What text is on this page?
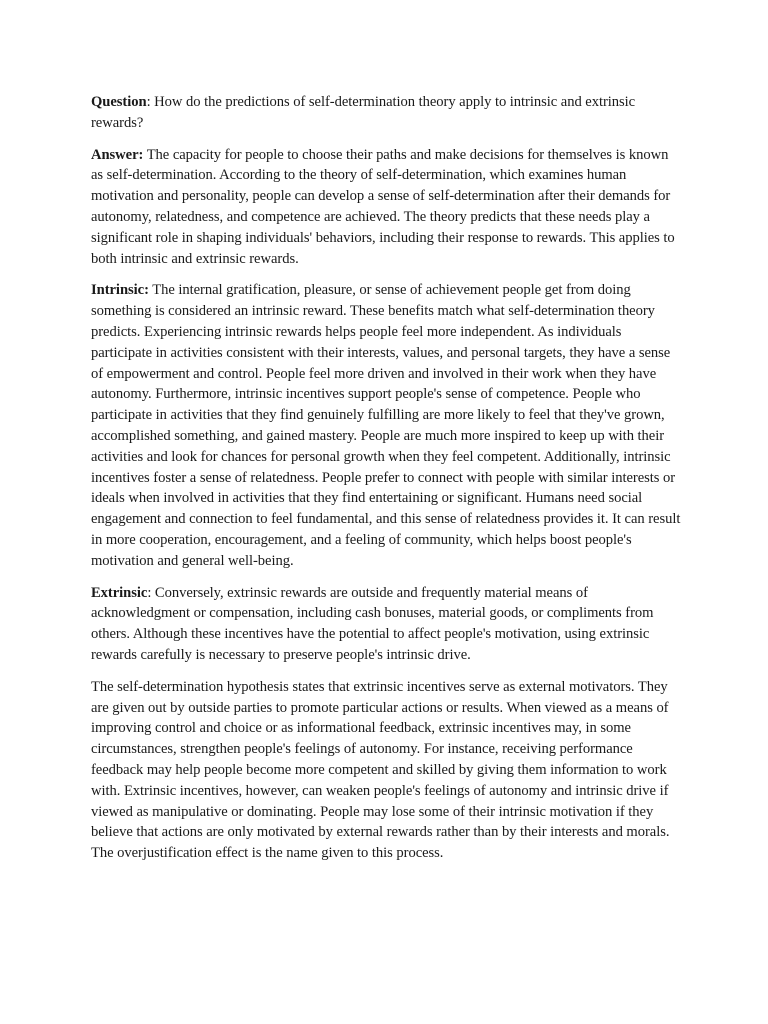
Question: How do the predictions of self-determination theory apply to intrinsic and extrinsic rewards?

Answer: The capacity for people to choose their paths and make decisions for themselves is known as self-determination. According to the theory of self-determination, which examines human motivation and personality, people can develop a sense of self-determination after their demands for autonomy, relatedness, and competence are achieved. The theory predicts that these needs play a significant role in shaping individuals' behaviors, including their response to rewards. This applies to both intrinsic and extrinsic rewards.

Intrinsic: The internal gratification, pleasure, or sense of achievement people get from doing something is considered an intrinsic reward. These benefits match what self-determination theory predicts. Experiencing intrinsic rewards helps people feel more independent. As individuals participate in activities consistent with their interests, values, and personal targets, they have a sense of empowerment and control. People feel more driven and involved in their work when they have autonomy. Furthermore, intrinsic incentives support people's sense of competence. People who participate in activities that they find genuinely fulfilling are more likely to feel that they've grown, accomplished something, and gained mastery. People are much more inspired to keep up with their activities and look for chances for personal growth when they feel competent. Additionally, intrinsic incentives foster a sense of relatedness. People prefer to connect with people with similar interests or ideals when involved in activities that they find entertaining or significant. Humans need social engagement and connection to feel fundamental, and this sense of relatedness provides it. It can result in more cooperation, encouragement, and a feeling of community, which helps boost people's motivation and general well-being.

Extrinsic: Conversely, extrinsic rewards are outside and frequently material means of acknowledgment or compensation, including cash bonuses, material goods, or compliments from others. Although these incentives have the potential to affect people's motivation, using extrinsic rewards carefully is necessary to preserve people's intrinsic drive.

The self-determination hypothesis states that extrinsic incentives serve as external motivators. They are given out by outside parties to promote particular actions or results. When viewed as a means of improving control and choice or as informational feedback, extrinsic incentives may, in some circumstances, strengthen people's feelings of autonomy. For instance, receiving performance feedback may help people become more competent and skilled by giving them information to work with. Extrinsic incentives, however, can weaken people's feelings of autonomy and intrinsic drive if viewed as manipulative or dominating. People may lose some of their intrinsic motivation if they believe that actions are only motivated by external rewards rather than by their interests and morals. The overjustification effect is the name given to this process.
